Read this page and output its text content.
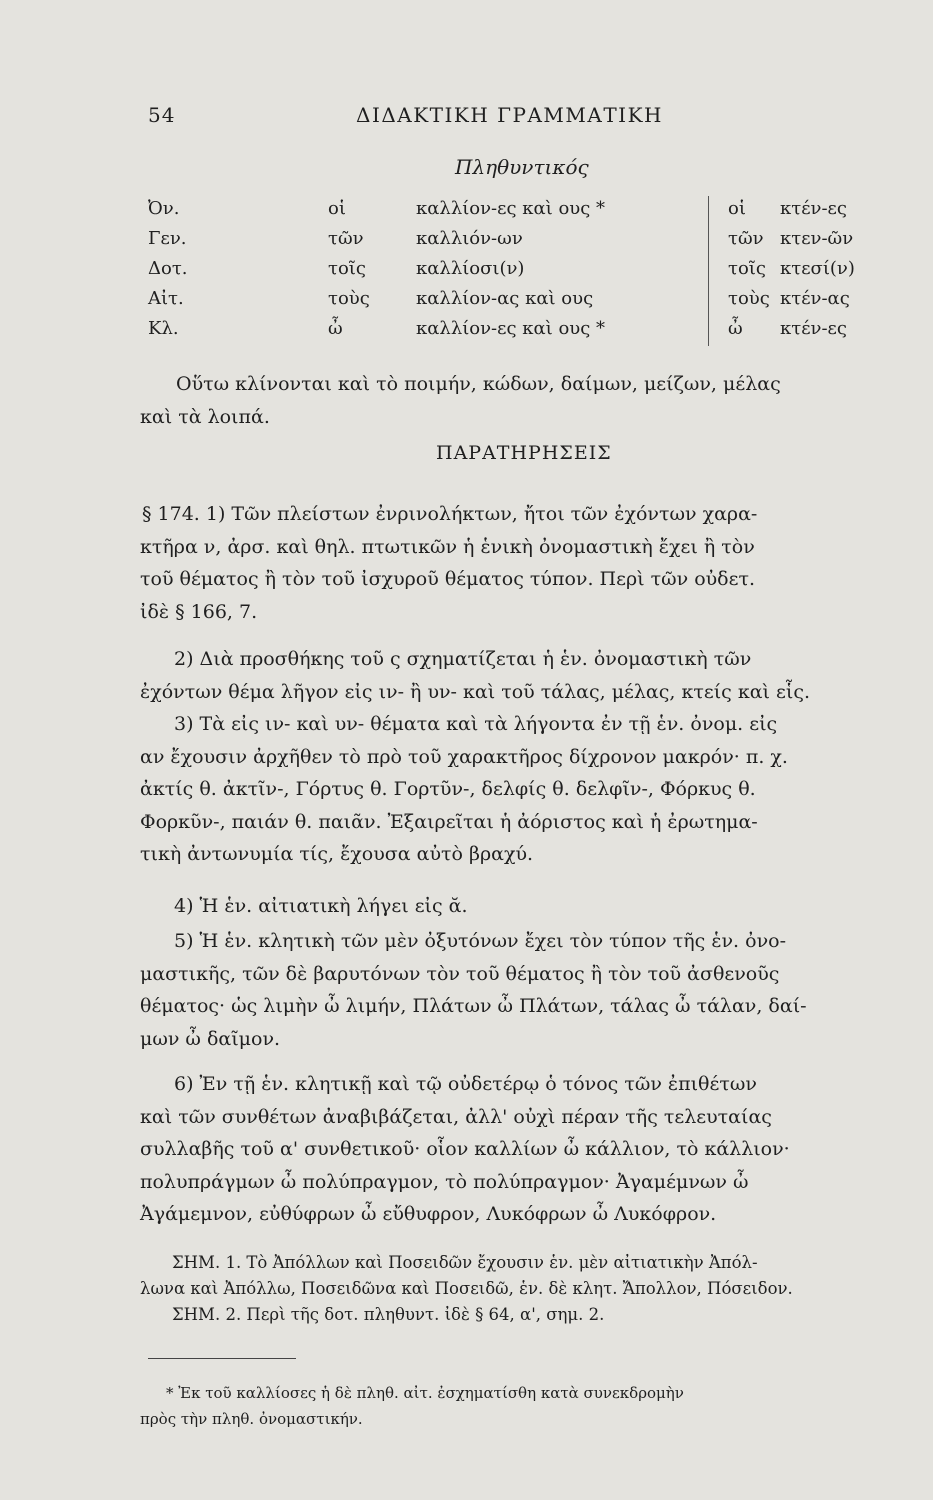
54	ΔΙΔΑΚΤΙΚΗ ΓΡΑΜΜΑΤΙΚΗ
Πληθυντικός
Ὀν.	οἱ	καλλίον-ες καὶ ους *	οἱ κτέν-ες
Γεν.	τῶν	καλλιόν-ων	τῶν κτεν-ῶν
Δοτ.	τοῖς	καλλίοσι(ν)	τοῖς κτεσί(ν)
Αἰτ.	τοὺς	καλλίον-ας καὶ ους	τοὺς κτέν-ας
Κλ.	ὦ	καλλίον-ες καὶ ους *	ὦ κτέν-ες
Οὕτω κλίνονται καὶ τὸ ποιμήν, κώδων, δαίμων, μείζων, μέλας
καὶ τὰ λοιπά.
ΠΑΡΑΤΗΡΗΣΕΙΣ
§ 174. 1) Τῶν πλείστων ἐνρινολήκτων, ἤτοι τῶν ἐχόντων χαρα-
κτῆρα ν, ἀρσ. καὶ θηλ. πτωτικῶν ἡ ἑνικὴ ὀνομαστικὴ ἔχει ἢ τὸν
τοῦ θέματος ἢ τὸν τοῦ ἰσχυροῦ θέματος τύπον. Περὶ τῶν οὐδετ.
ἰδὲ § 166, 7.
2) Διὰ προσθήκης τοῦ ς σχηματίζεται ἡ ἑν. ὀνομαστικὴ τῶν
ἐχόντων θέμα λῆγον εἰς ιν- ἢ υν- καὶ τοῦ τάλας, μέλας, κτείς καὶ εἷς.
3) Τὰ εἰς ιν- καὶ υν- θέματα καὶ τὰ λήγοντα ἐν τῇ ἑν. ὀνομ. εἰς
αν ἔχουσιν ἀρχῆθεν τὸ πρὸ τοῦ χαρακτῆρος δίχρονον μακρόν· π. χ.
ἀκτίς θ. ἀκτῖν-, Γόρτυς θ. Γορτῦν-, δελφίς θ. δελφῖν-, Φόρκυς θ.
Φορκῦν-, παιάν θ. παιᾶν. Ἐξαιρεῖται ἡ ἀόριστος καὶ ἡ ἐρωτημα-
τικὴ ἀντωνυμία τίς, ἔχουσα αὐτὸ βραχύ.
4) Ἡ ἑν. αἰτιατικὴ λήγει εἰς ᾰ.
5) Ἡ ἑν. κλητικὴ τῶν μὲν ὀξυτόνων ἔχει τὸν τύπον τῆς ἑν. ὀνο-
μαστικῆς, τῶν δὲ βαρυτόνων τὸν τοῦ θέματος ἢ τὸν τοῦ ἀσθενοῦς
θέματος· ὡς λιμὴν ὦ λιμήν, Πλάτων ὦ Πλάτων, τάλας ὦ τάλαν, δαί-
μων ὦ δαῖμον.
6) Ἐν τῇ ἑν. κλητικῇ καὶ τῷ οὐδετέρῳ ὁ τόνος τῶν ἐπιθέτων
καὶ τῶν συνθέτων ἀναβιβάζεται, ἀλλ' οὐχὶ πέραν τῆς τελευταίας
συλλαβῆς τοῦ α' συνθετικοῦ· οἷον καλλίων ὦ κάλλιον, τὸ κάλλιον·
πολυπράγμων ὦ πολύπραγμον, τὸ πολύπραγμον· Ἀγαμέμνων ὦ
Ἀγάμεμνον, εὐθύφρων ὦ εὔθυφρον, Λυκόφρων ὦ Λυκόφρον.
ΣΗΜ. 1. Τὸ Ἀπόλλων καὶ Ποσειδῶν ἔχουσιν ἑν. μὲν αἰτιατικὴν Ἀπόλ-
λωνα καὶ Ἀπόλλω, Ποσειδῶνα καὶ Ποσειδῶ, ἑν. δὲ κλητ. Ἄπολλον, Πόσειδον.
ΣΗΜ. 2. Περὶ τῆς δοτ. πληθυντ. ἰδὲ § 64, α', σημ. 2.
* Ἐκ τοῦ καλλίοσες ἡ δὲ πληθ. αἰτ. ἐσχηματίσθη κατὰ συνεκδρομὴν
πρὸς τὴν πληθ. ὀνομαστικήν.
